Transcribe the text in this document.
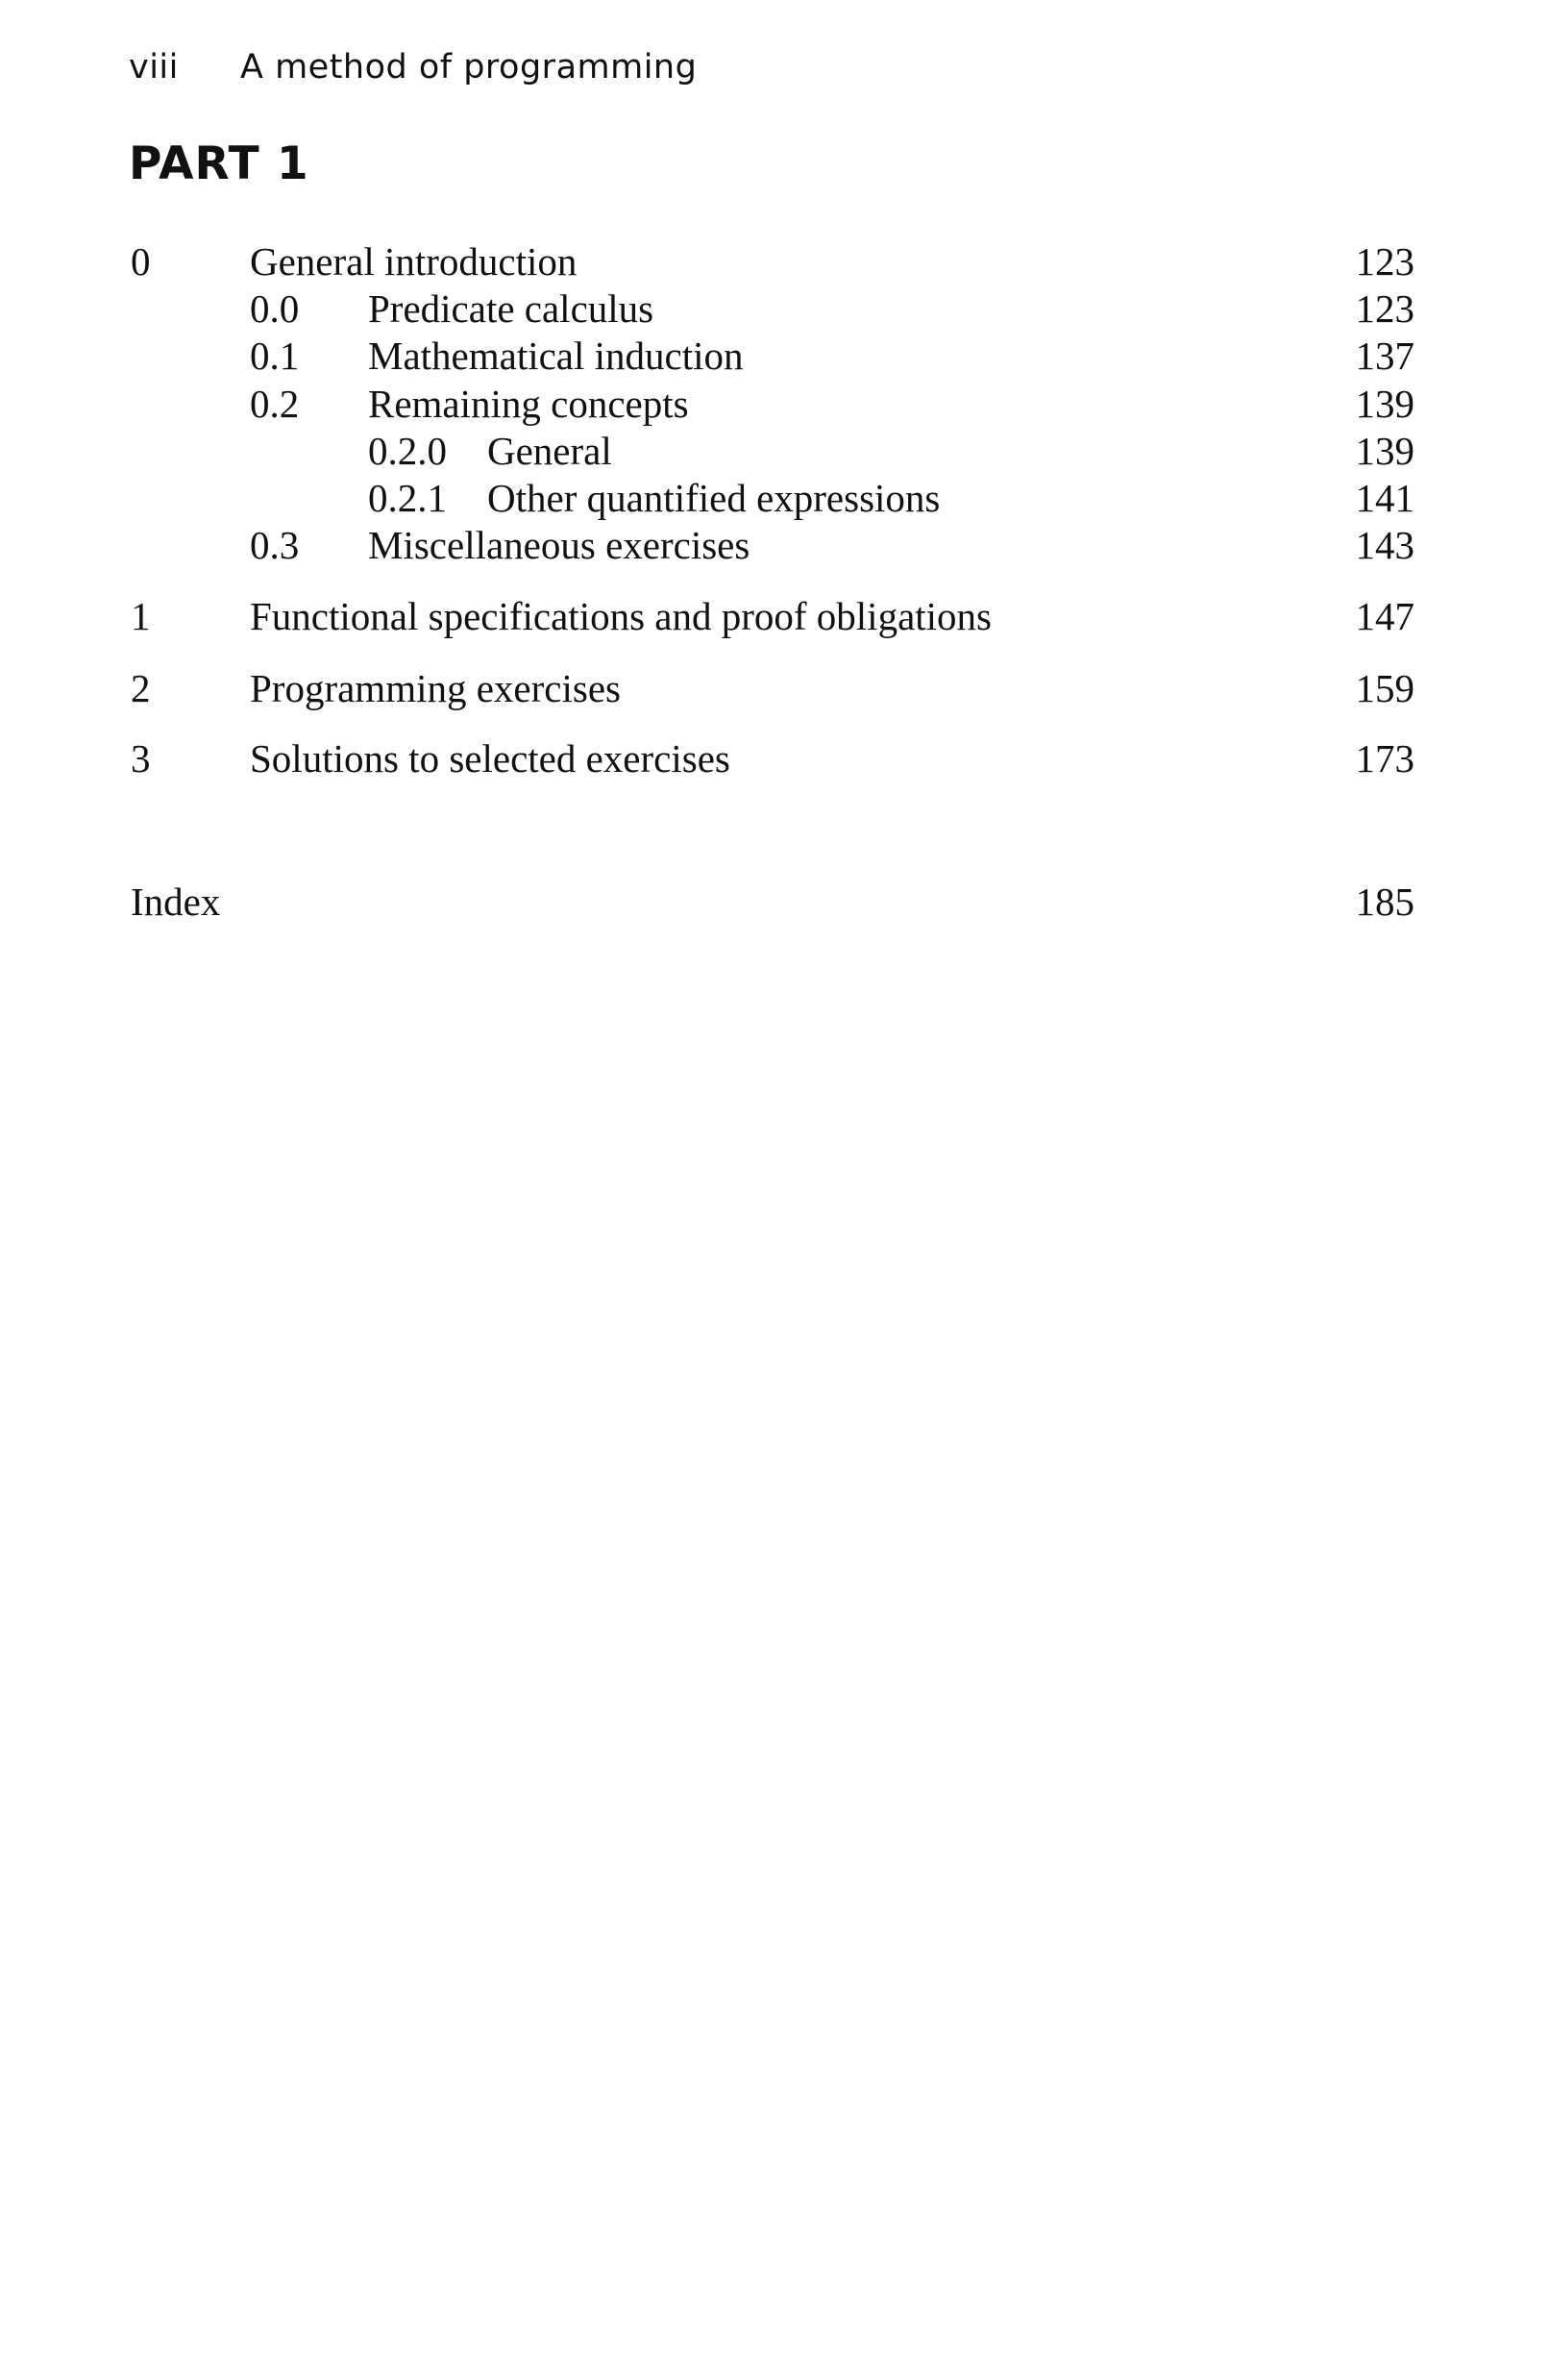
viii A method of programming
PART 1
0	General introduction	123
0.0 Predicate calculus	123
0.1 Mathematical induction	137
0.2 Remaining concepts	139
0.2.0 General	139
0.2.1 Other quantified expressions	141
0.3 Miscellaneous exercises	143
1	Functional specifications and proof obligations	147
2	Programming exercises	159
3	Solutions to selected exercises	173
Index	185
